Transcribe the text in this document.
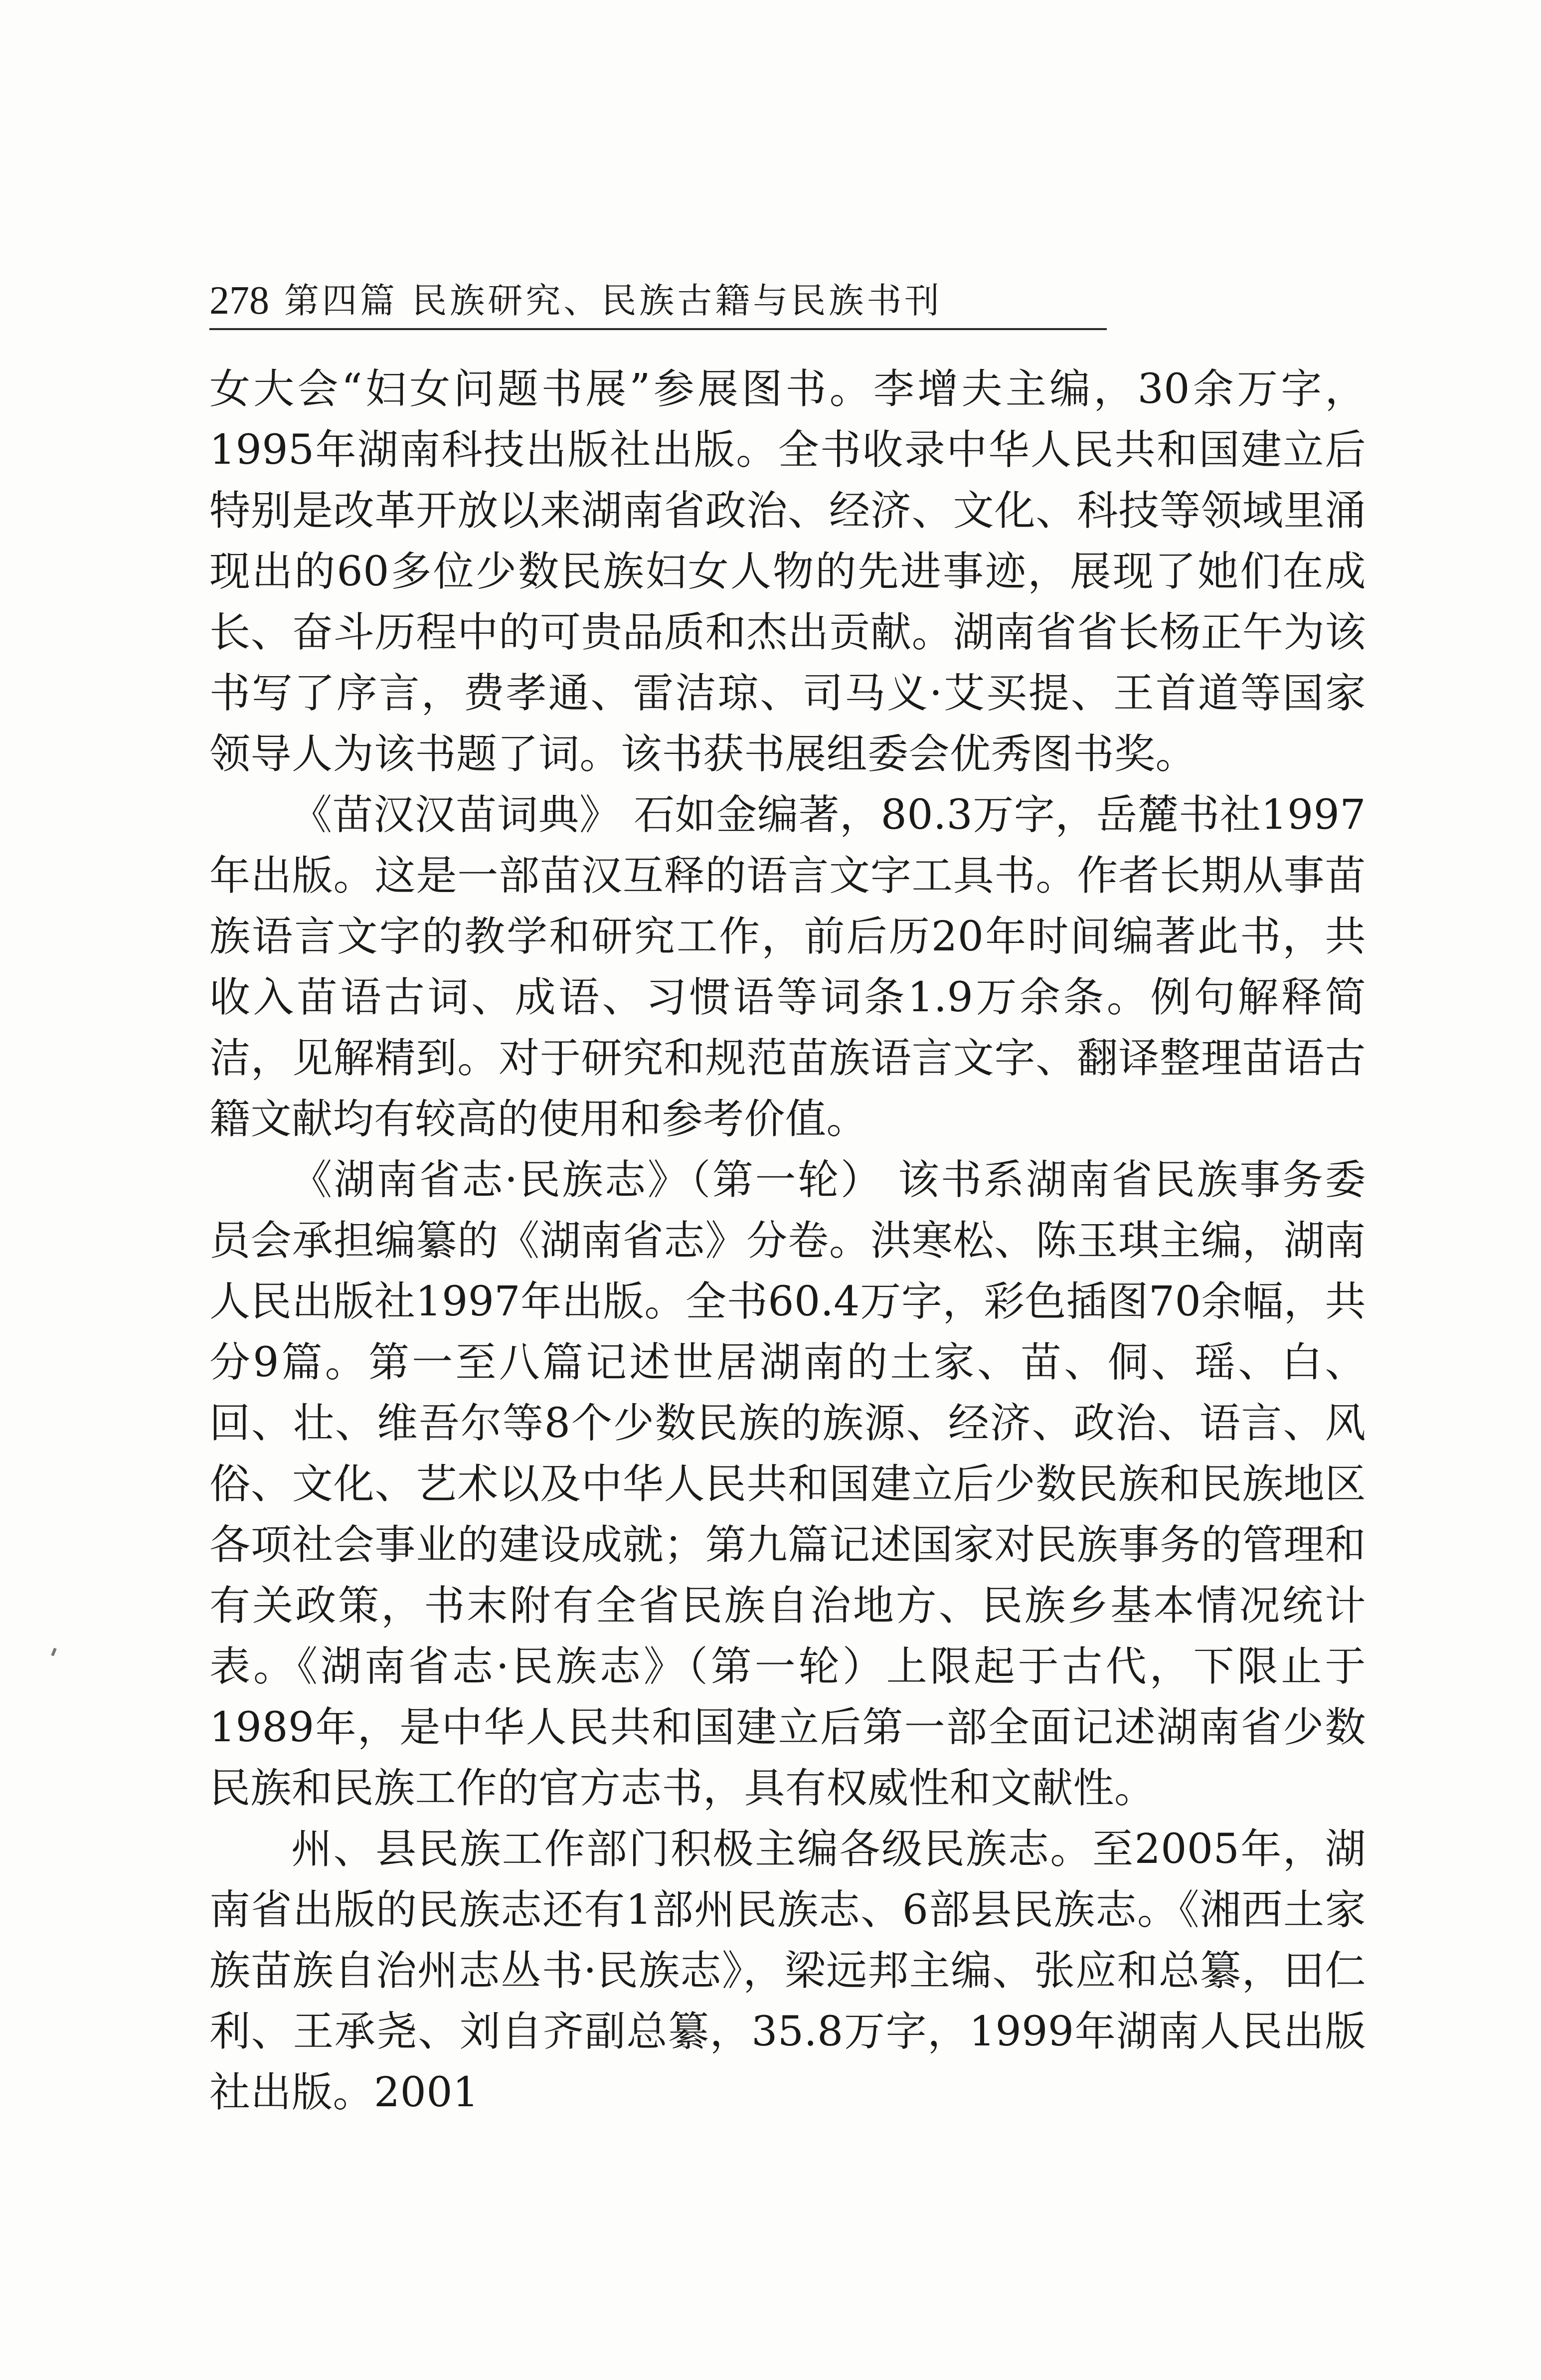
278 第四篇 民族研究、民族古籍与民族书刊

女大会“妇女问题书展”参展图书。李增夫主编，30余万字，1995年湖南科技出版社出版。全书收录中华人民共和国建立后特别是改革开放以来湖南省政治、经济、文化、科技等领域里涌现出的60多位少数民族妇女人物的先进事迹，展现了她们在成长、奋斗历程中的可贵品质和杰出贡献。湖南省省长杨正午为该书写了序言，费孝通、雷洁琼、司马义·艾买提、王首道等国家领导人为该书题了词。该书获书展组委会优秀图书奖。

《苗汉汉苗词典》 石如金编著，80.3万字，岳麓书社1997年出版。这是一部苗汉互释的语言文字工具书。作者长期从事苗族语言文字的教学和研究工作，前后历20年时间编著此书，共收入苗语古词、成语、习惯语等词条1.9万余条。例句解释简洁，见解精到。对于研究和规范苗族语言文字、翻译整理苗语古籍文献均有较高的使用和参考价值。

《湖南省志·民族志》（第一轮） 该书系湖南省民族事务委员会承担编纂的《湖南省志》分卷。洪寒松、陈玉琪主编，湖南人民出版社1997年出版。全书60.4万字，彩色插图70余幅，共分9篇。第一至八篇记述世居湖南的土家、苗、侗、瑶、白、回、壮、维吾尔等8个少数民族的族源、经济、政治、语言、风俗、文化、艺术以及中华人民共和国建立后少数民族和民族地区各项社会事业的建设成就；第九篇记述国家对民族事务的管理和有关政策，书末附有全省民族自治地方、民族乡基本情况统计表。《湖南省志·民族志》（第一轮）上限起于古代，下限止于1989年，是中华人民共和国建立后第一部全面记述湖南省少数民族和民族工作的官方志书，具有权威性和文献性。

州、县民族工作部门积极主编各级民族志。至2005年，湖南省出版的民族志还有1部州民族志、6部县民族志。《湘西土家族苗族自治州志丛书·民族志》，梁远邦主编、张应和总纂，田仁利、王承尧、刘自齐副总纂，35.8万字，1999年湖南人民出版社出版。2001
